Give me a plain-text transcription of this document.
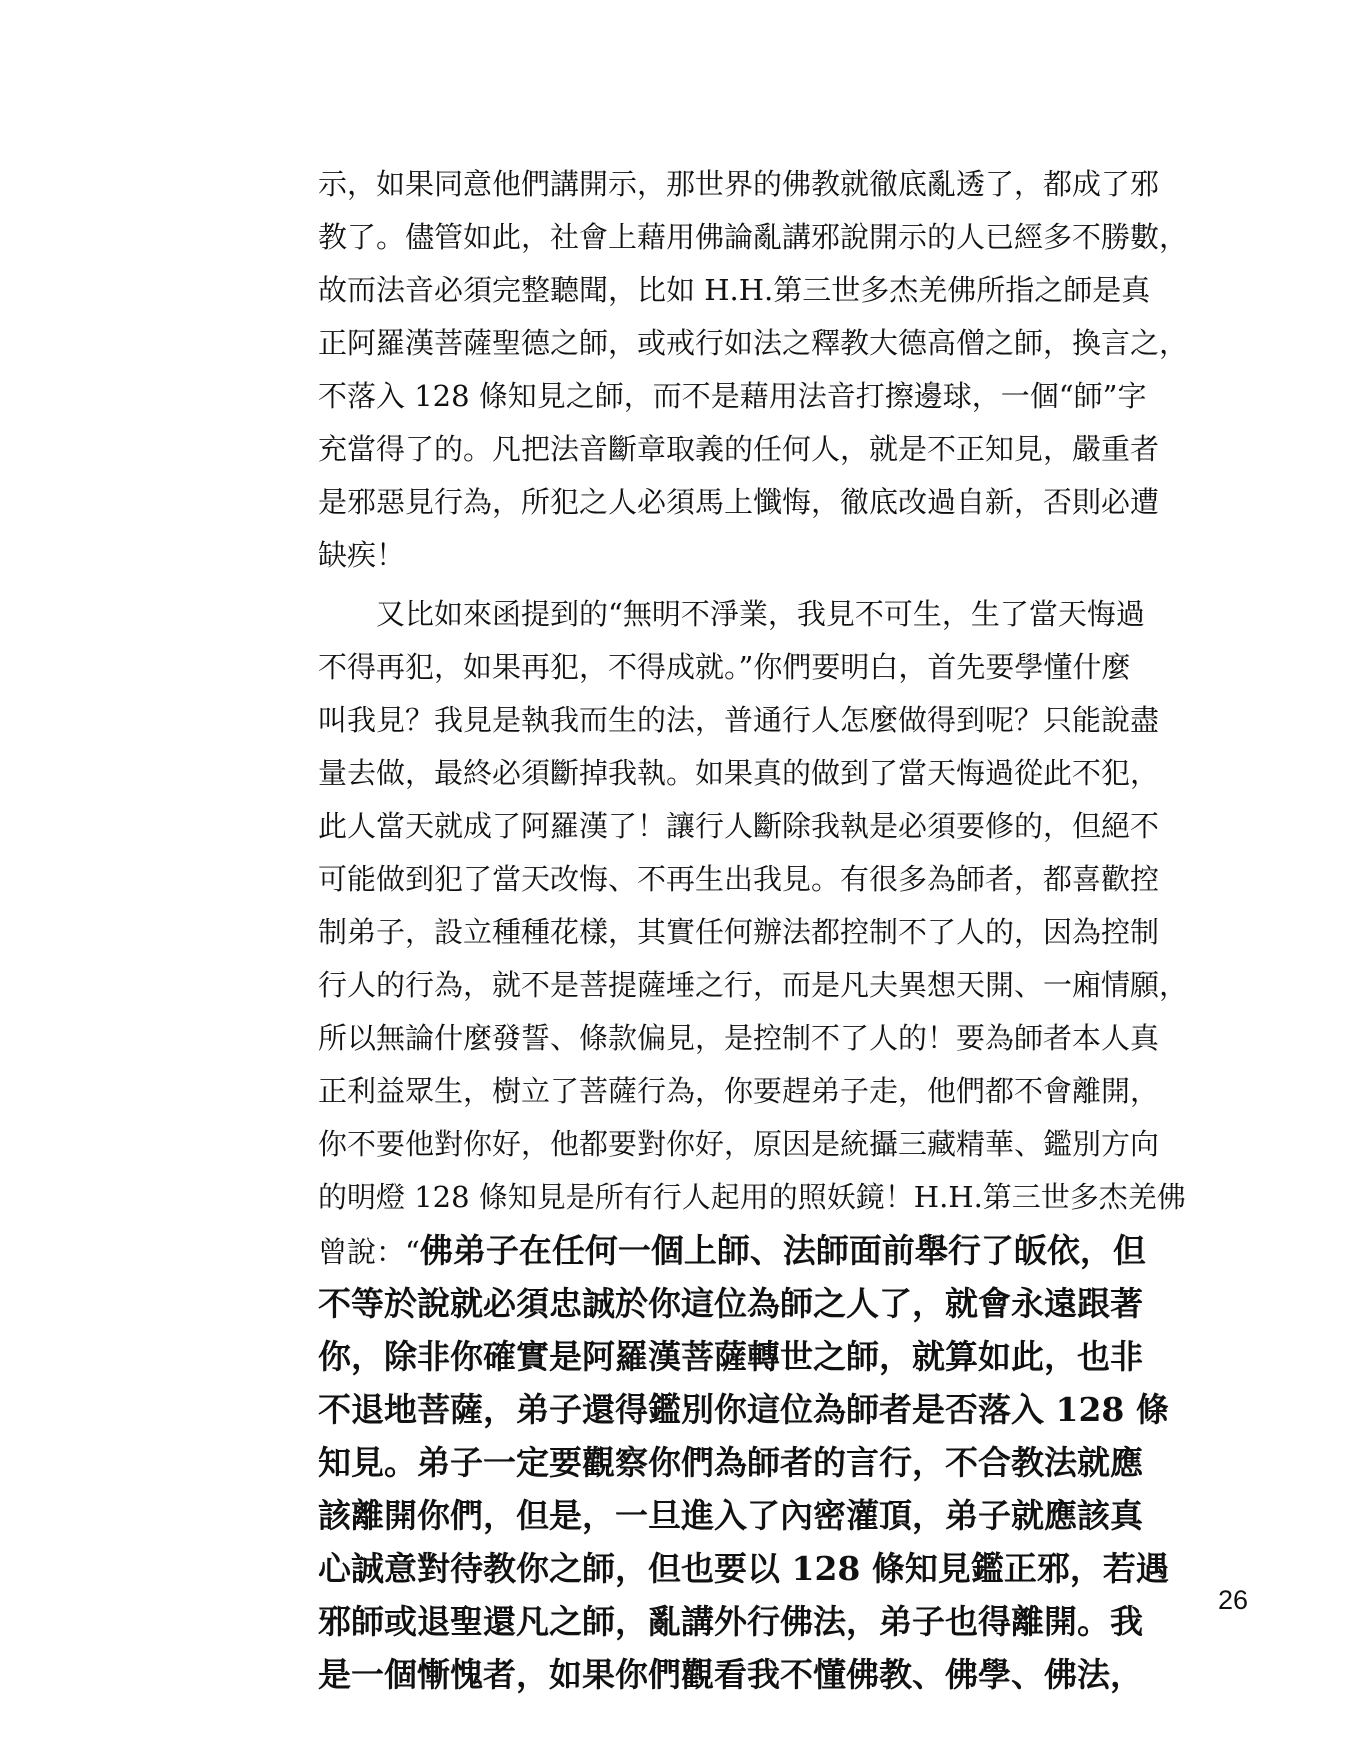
示，如果同意他們講開示，那世界的佛教就徹底亂透了，都成了邪
教了。儘管如此，社會上藉用佛論亂講邪說開示的人已經多不勝數，
故而法音必須完整聽聞，比如 H.H.第三世多杰羌佛所指之師是真
正阿羅漢菩薩聖德之師，或戒行如法之釋教大德高僧之師，換言之，
不落入 128 條知見之師，而不是藉用法音打擦邊球，一個“師”字
充當得了的。凡把法音斷章取義的任何人，就是不正知見，嚴重者
是邪惡見行為，所犯之人必須馬上懺悔，徹底改過自新，否則必遭
缺疾！
又比如來函提到的“無明不淨業，我見不可生，生了當天悔過
不得再犯，如果再犯，不得成就。”你們要明白，首先要學懂什麼
叫我見？我見是執我而生的法，普通行人怎麼做得到呢？只能說盡
量去做，最終必須斷掉我執。如果真的做到了當天悔過從此不犯，
此人當天就成了阿羅漢了！讓行人斷除我執是必須要修的，但絕不
可能做到犯了當天改悔、不再生出我見。有很多為師者，都喜歡控
制弟子，設立種種花樣，其實任何辦法都控制不了人的，因為控制
行人的行為，就不是菩提薩埵之行，而是凡夫異想天開、一廂情願，
所以無論什麼發誓、條款偏見，是控制不了人的！要為師者本人真
正利益眾生，樹立了菩薩行為，你要趕弟子走，他們都不會離開，
你不要他對你好，他都要對你好，原因是統攝三藏精華、鑑別方向
的明燈 128 條知見是所有行人起用的照妖鏡！H.H.第三世多杰羌佛
曾說：“佛弟子在任何一個上師、法師面前舉行了皈依，但
不等於說就必須忠誠於你這位為師之人了，就會永遠跟著
你，除非你確實是阿羅漢菩薩轉世之師，就算如此，也非
不退地菩薩，弟子還得鑑別你這位為師者是否落入 128 條
知見。弟子一定要觀察你們為師者的言行，不合教法就應
該離開你們，但是，一旦進入了內密灌頂，弟子就應該真
心誠意對待教你之師，但也要以 128 條知見鑑正邪，若遇
邪師或退聖還凡之師，亂講外行佛法，弟子也得離開。我
是一個慚愧者，如果你們觀看我不懂佛教、佛學、佛法，
26
